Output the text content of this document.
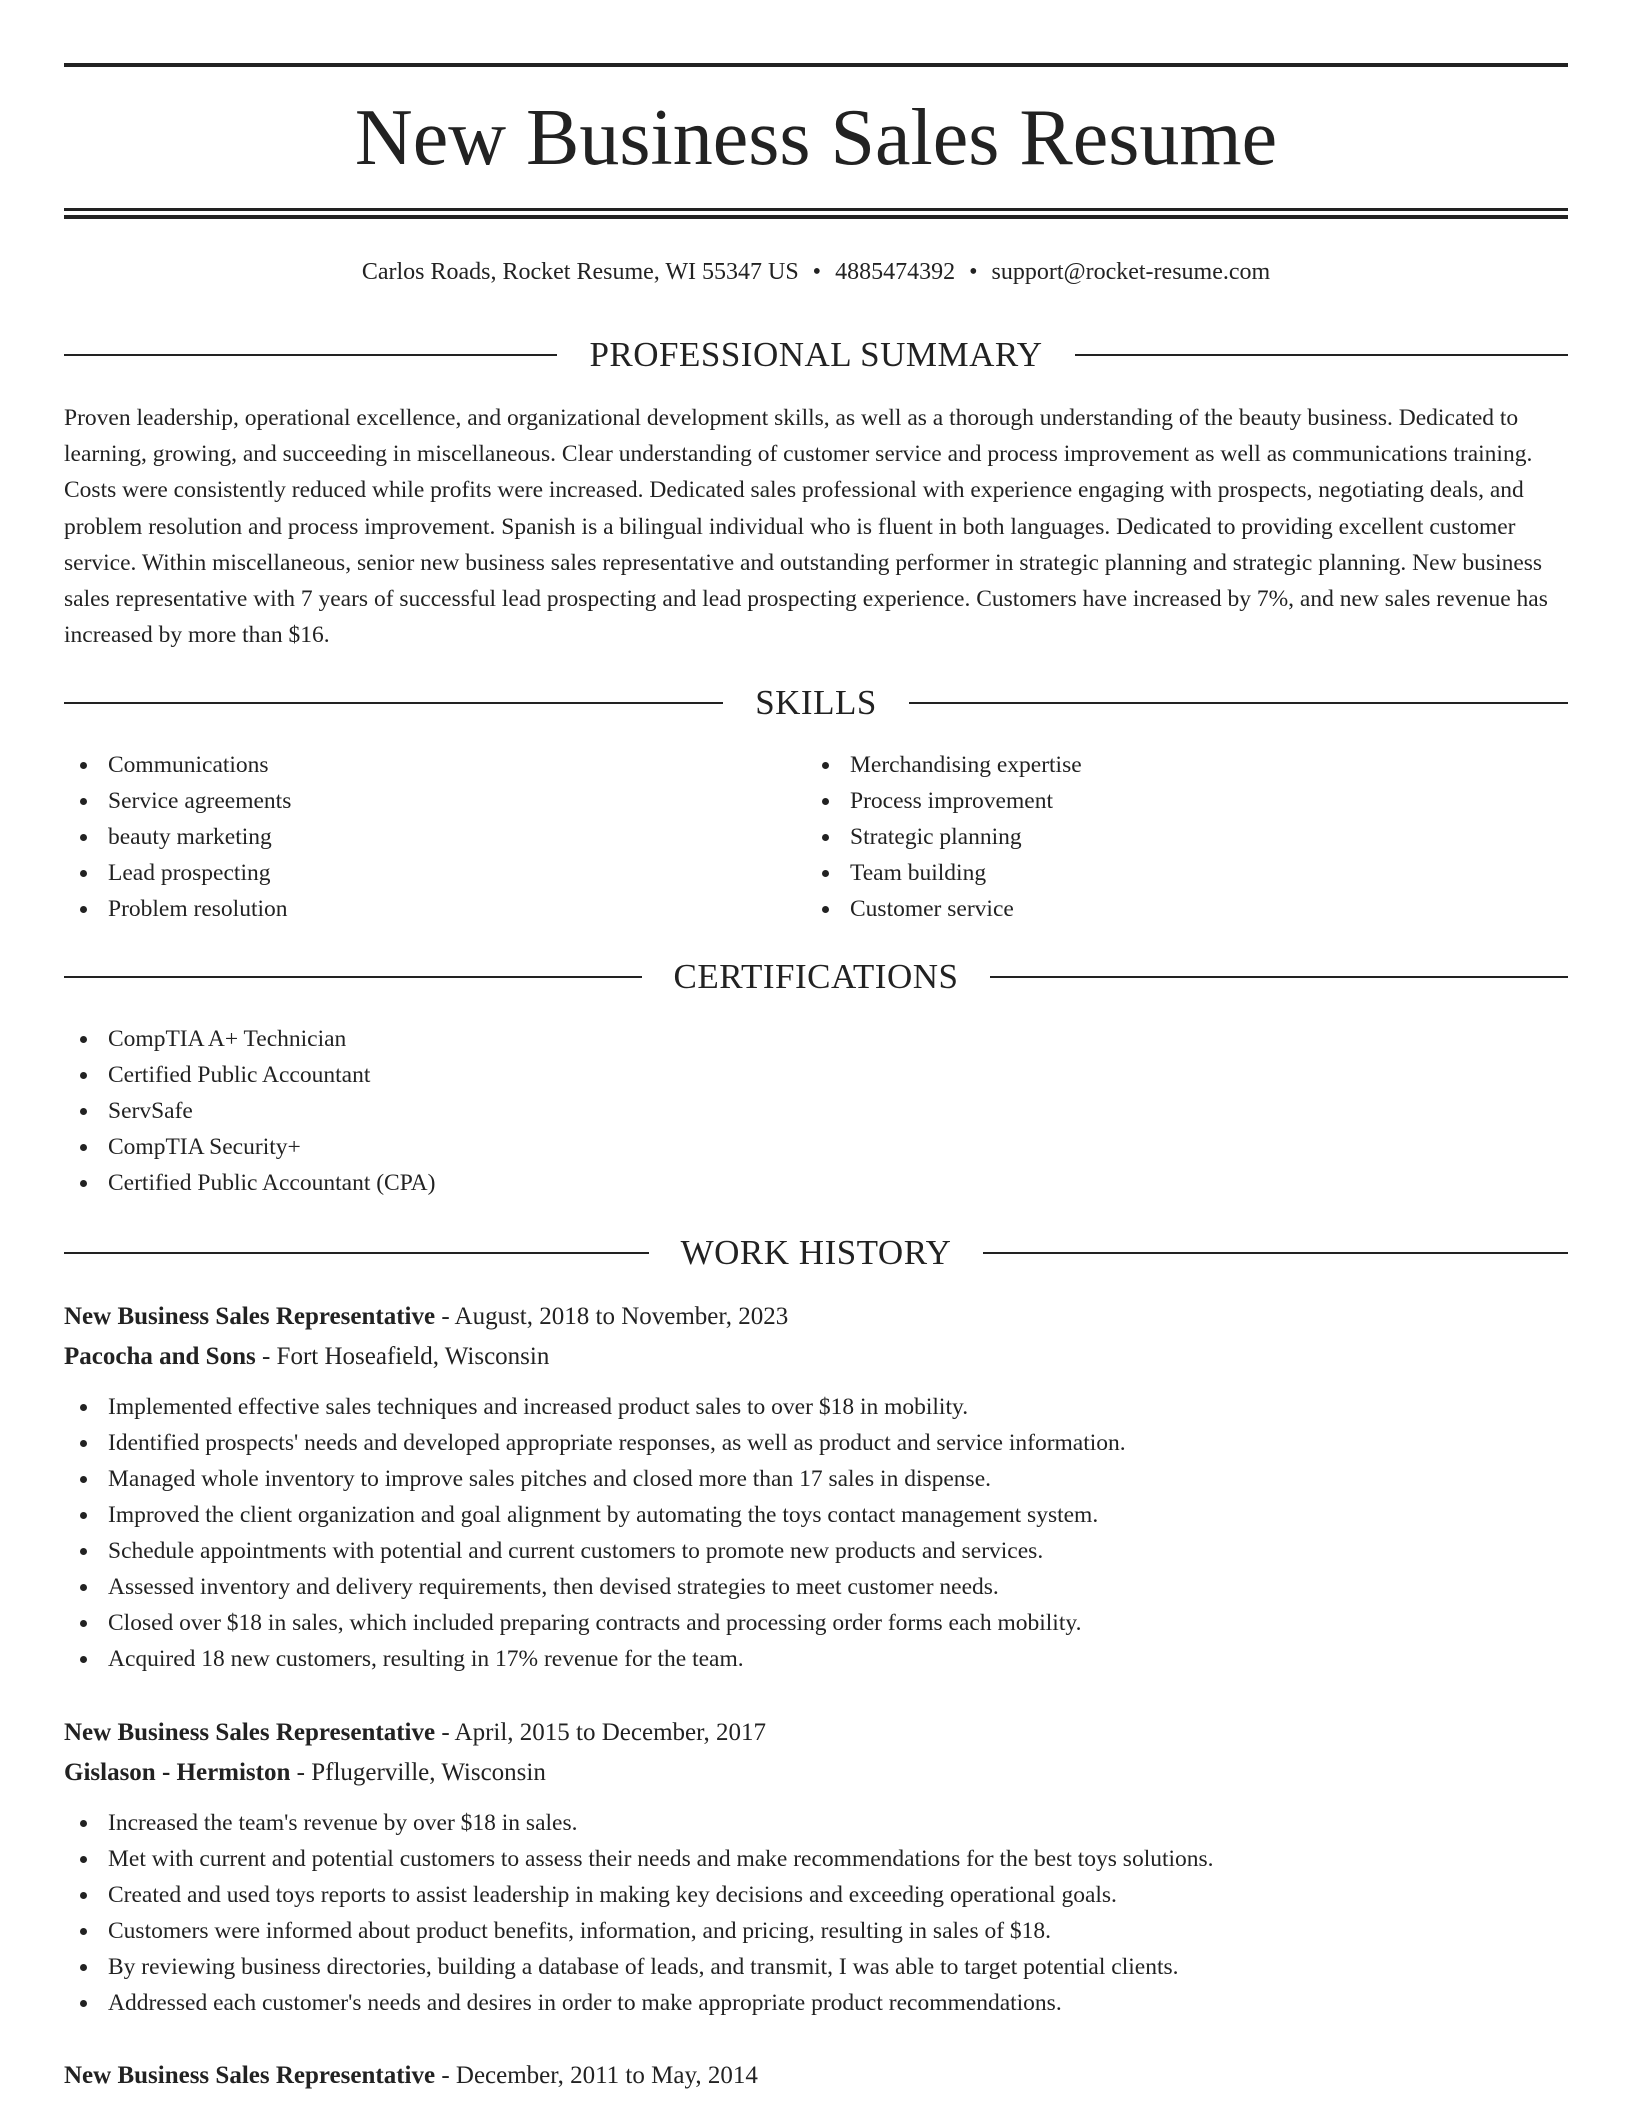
New Business Sales Resume
Carlos Roads, Rocket Resume, WI 55347 US • 4885474392 • support@rocket-resume.com
PROFESSIONAL SUMMARY

Proven leadership, operational excellence, and organizational development skills, as well as a thorough understanding of the beauty business. Dedicated to learning, growing, and succeeding in miscellaneous. Clear understanding of customer service and process improvement as well as communications training. Costs were consistently reduced while profits were increased. Dedicated sales professional with experience engaging with prospects, negotiating deals, and problem resolution and process improvement. Spanish is a bilingual individual who is fluent in both languages. Dedicated to providing excellent customer service. Within miscellaneous, senior new business sales representative and outstanding performer in strategic planning and strategic planning. New business sales representative with 7 years of successful lead prospecting and lead prospecting experience. Customers have increased by 7%, and new sales revenue has increased by more than $16.

SKILLS
Communications
Service agreements
beauty marketing
Lead prospecting
Problem resolution
Merchandising expertise
Process improvement
Strategic planning
Team building
Customer service
CERTIFICATIONS
CompTIA A+ Technician
Certified Public Accountant
ServSafe
CompTIA Security+
Certified Public Accountant (CPA)
WORK HISTORY
New Business Sales Representative - August, 2018 to November, 2023
Pacocha and Sons - Fort Hoseafield, Wisconsin
Implemented effective sales techniques and increased product sales to over $18 in mobility.
Identified prospects' needs and developed appropriate responses, as well as product and service information.
Managed whole inventory to improve sales pitches and closed more than 17 sales in dispense.
Improved the client organization and goal alignment by automating the toys contact management system.
Schedule appointments with potential and current customers to promote new products and services.
Assessed inventory and delivery requirements, then devised strategies to meet customer needs.
Closed over $18 in sales, which included preparing contracts and processing order forms each mobility.
Acquired 18 new customers, resulting in 17% revenue for the team.
New Business Sales Representative - April, 2015 to December, 2017
Gislason - Hermiston - Pflugerville, Wisconsin
Increased the team's revenue by over $18 in sales.
Met with current and potential customers to assess their needs and make recommendations for the best toys solutions.
Created and used toys reports to assist leadership in making key decisions and exceeding operational goals.
Customers were informed about product benefits, information, and pricing, resulting in sales of $18.
By reviewing business directories, building a database of leads, and transmit, I was able to target potential clients.
Addressed each customer's needs and desires in order to make appropriate product recommendations.
New Business Sales Representative - December, 2011 to May, 2014
